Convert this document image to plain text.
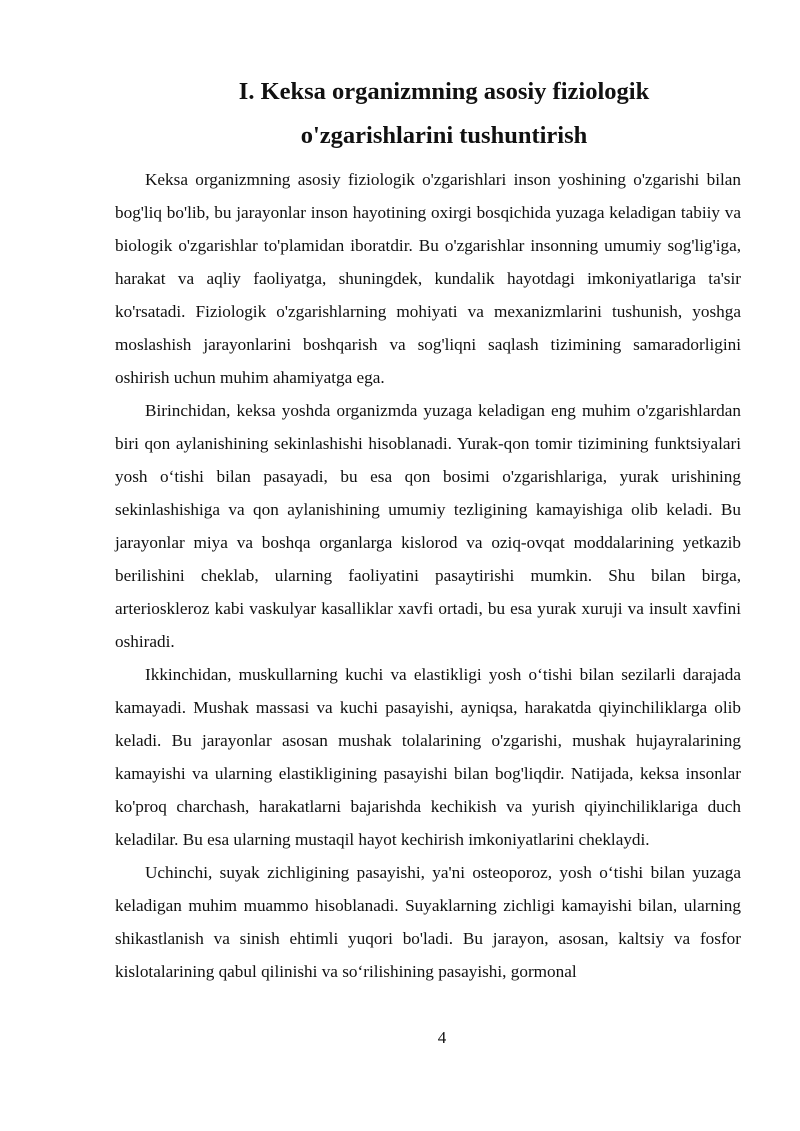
I. Keksa organizmning asosiy fiziologik
o'zgarishlarini tushuntirish

Keksa organizmning asosiy fiziologik o'zgarishlari inson yoshining o'zgarishi bilan bog'liq bo'lib, bu jarayonlar inson hayotining oxirgi bosqichida yuzaga keladigan tabiiy va biologik o'zgarishlar to'plamidan iboratdir. Bu o'zgarishlar insonning umumiy sog'lig'iga, harakat va aqliy faoliyatga, shuningdek, kundalik hayotdagi imkoniyatlariga ta'sir ko'rsatadi. Fiziologik o'zgarishlarning mohiyati va mexanizmlarini tushunish, yoshga moslashish jarayonlarini boshqarish va sog'liqni saqlash tizimining samaradorligini oshirish uchun muhim ahamiyatga ega.

Birinchidan, keksa yoshda organizmda yuzaga keladigan eng muhim o'zgarishlardan biri qon aylanishining sekinlashishi hisoblanadi. Yurak-qon tomir tizimining funktsiyalari yosh o‘tishi bilan pasayadi, bu esa qon bosimi o'zgarishlariga, yurak urishining sekinlashishiga va qon aylanishining umumiy tezligining kamayishiga olib keladi. Bu jarayonlar miya va boshqa organlarga kislorod va oziq-ovqat moddalarining yetkazib berilishini cheklab, ularning faoliyatini pasaytirishi mumkin. Shu bilan birga, arterioskleroz kabi vaskulyar kasalliklar xavfi ortadi, bu esa yurak xuruji va insult xavfini oshiradi.

Ikkinchidan, muskullarning kuchi va elastikligi yosh o‘tishi bilan sezilarli darajada kamayadi. Mushak massasi va kuchi pasayishi, ayniqsa, harakatda qiyinchiliklarga olib keladi. Bu jarayonlar asosan mushak tolalarining o'zgarishi, mushak hujayralarining kamayishi va ularning elastikligining pasayishi bilan bog'liqdir. Natijada, keksa insonlar ko'proq charchash, harakatlarni bajarishda kechikish va yurish qiyinchiliklariga duch keladilar. Bu esa ularning mustaqil hayot kechirish imkoniyatlarini cheklaydi.

Uchinchi, suyak zichligining pasayishi, ya'ni osteoporoz, yosh o‘tishi bilan yuzaga keladigan muhim muammo hisoblanadi. Suyaklarning zichligi kamayishi bilan, ularning shikastlanish va sinish ehtimli yuqori bo'ladi. Bu jarayon, asosan, kaltsiy va fosfor kislotalarining qabul qilinishi va so‘rilishining pasayishi, gormonal

4
